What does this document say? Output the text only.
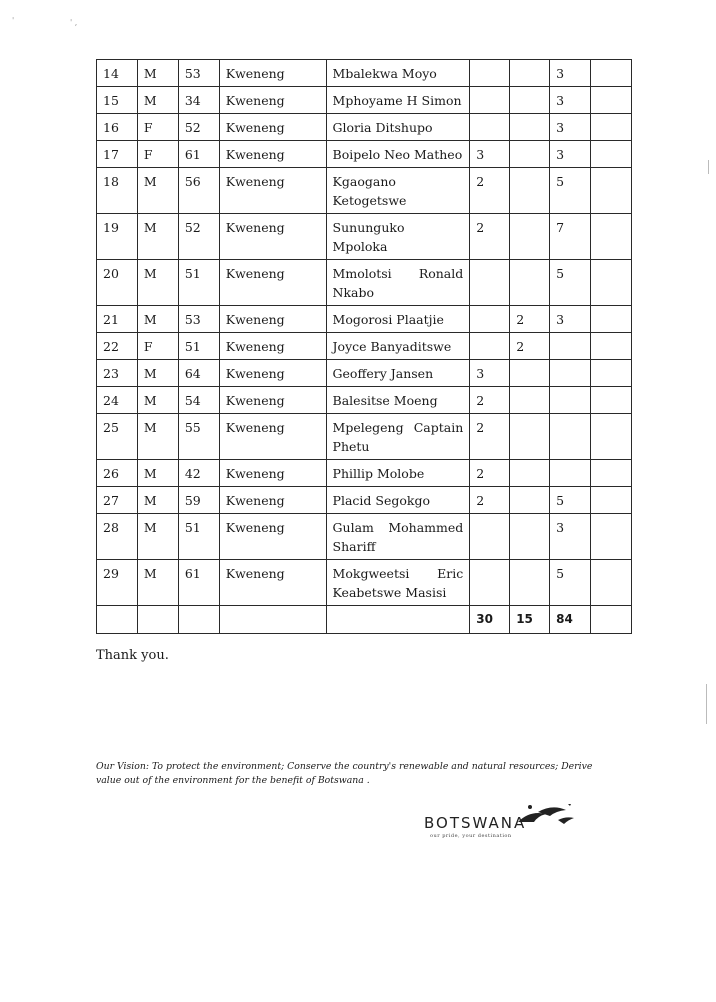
'	' ,
14	M	53	Kweneng	Mbalekwa Moyo			3	
15	M	34	Kweneng	Mphoyame H Simon			3	
16	F	52	Kweneng	Gloria Ditshupo			3	
17	F	61	Kweneng	Boipelo Neo Matheo	3		3	
18	M	56	Kweneng	Kgaogano Ketogetswe	2		5	
19	M	52	Kweneng	Sununguko Mpoloka	2		7	
20	M	51	Kweneng	Mmolotsi Ronald Nkabo			5	
21	M	53	Kweneng	Mogorosi Plaatjie		2	3	
22	F	51	Kweneng	Joyce Banyaditswe		2		
23	M	64	Kweneng	Geoffery Jansen	3			
24	M	54	Kweneng	Balesitse Moeng	2			
25	M	55	Kweneng	Mpelegeng Captain Phetu	2			
26	M	42	Kweneng	Phillip Molobe	2			
27	M	59	Kweneng	Placid Segokgo	2		5	
28	M	51	Kweneng	Gulam Mohammed Shariff			3	
29	M	61	Kweneng	Mokgweetsi Eric Keabetswe Masisi			5	
					30	15	84	
Thank you.
Our Vision: To protect the environment; Conserve the country's renewable and natural resources; Derive value out of the environment for the benefit of Botswana .
BOTSWANA
our pride, your destination
